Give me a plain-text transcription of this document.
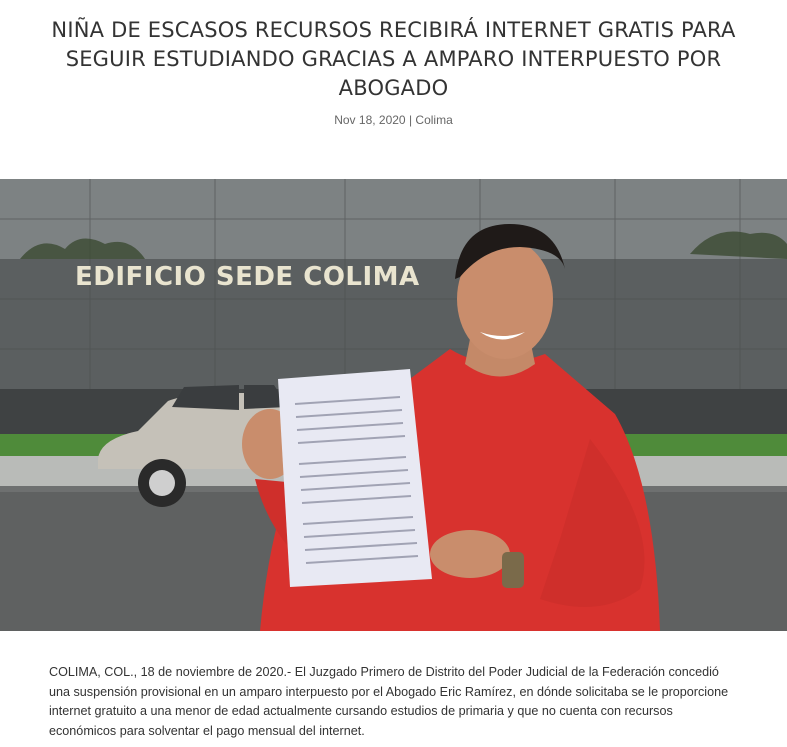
NIÑA DE ESCASOS RECURSOS RECIBIRÁ INTERNET GRATIS PARA SEGUIR ESTUDIANDO GRACIAS A AMPARO INTERPUESTO POR ABOGADO
Nov 18, 2020 | Colima
EDIFICIO SEDE COLIMA

COLIMA, COL., 18 de noviembre de 2020.- El Juzgado Primero de Distrito del Poder Judicial de la Federación concedió una suspensión provisional en un amparo interpuesto por el Abogado Eric Ramírez, en dónde solicitaba se le proporcione internet gratuito a una menor de edad actualmente cursando estudios de primaria y que no cuenta con recursos económicos para solventar el pago mensual del internet.
